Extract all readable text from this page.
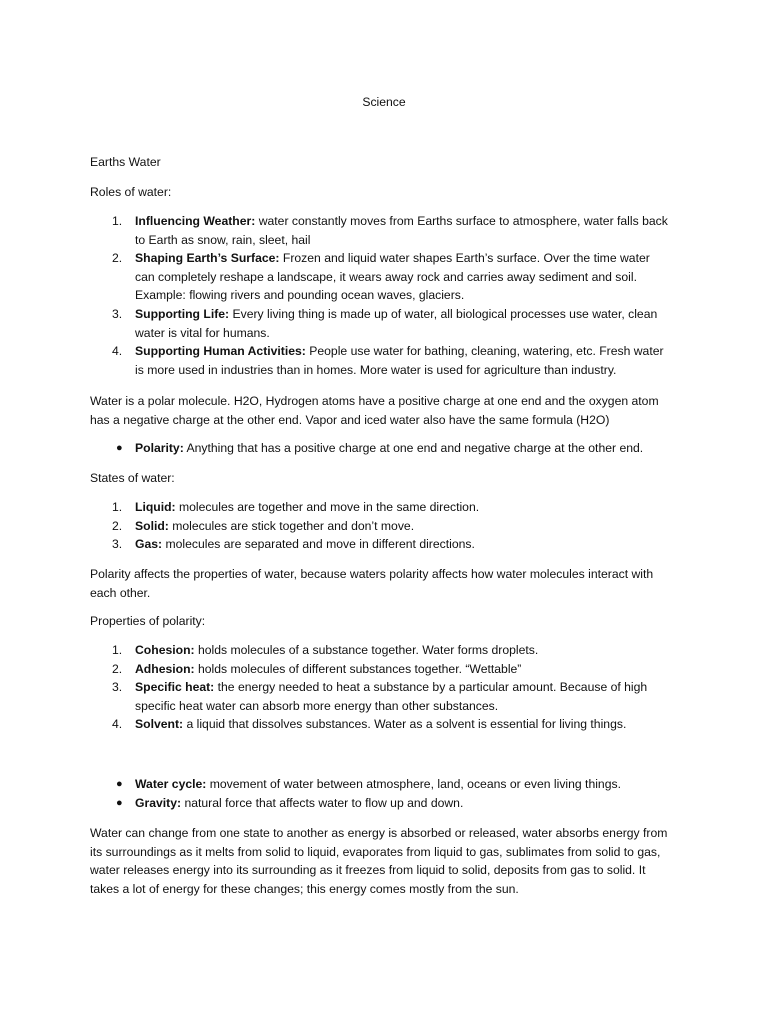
Science
Earths Water
Roles of water:
1. Influencing Weather: water constantly moves from Earths surface to atmosphere, water falls back to Earth as snow, rain, sleet, hail
2. Shaping Earth’s Surface: Frozen and liquid water shapes Earth’s surface. Over the time water can completely reshape a landscape, it wears away rock and carries away sediment and soil. Example: flowing rivers and pounding ocean waves, glaciers.
3. Supporting Life: Every living thing is made up of water, all biological processes use water, clean water is vital for humans.
4. Supporting Human Activities: People use water for bathing, cleaning, watering, etc. Fresh water is more used in industries than in homes. More water is used for agriculture than industry.

Water is a polar molecule. H2O, Hydrogen atoms have a positive charge at one end and the oxygen atom has a negative charge at the other end. Vapor and iced water also have the same formula (H2O)

● Polarity: Anything that has a positive charge at one end and negative charge at the other end.
States of water:
1. Liquid: molecules are together and move in the same direction.
2. Solid: molecules are stick together and don’t move.
3. Gas: molecules are separated and move in different directions.

Polarity affects the properties of water, because waters polarity affects how water molecules interact with each other.

Properties of polarity:
1. Cohesion: holds molecules of a substance together. Water forms droplets.
2. Adhesion: holds molecules of different substances together. “Wettable”
3. Specific heat: the energy needed to heat a substance by a particular amount. Because of high specific heat water can absorb more energy than other substances.
4. Solvent: a liquid that dissolves substances. Water as a solvent is essential for living things.
● Water cycle: movement of water between atmosphere, land, oceans or even living things.
● Gravity: natural force that affects water to flow up and down.

Water can change from one state to another as energy is absorbed or released, water absorbs energy from its surroundings as it melts from solid to liquid, evaporates from liquid to gas, sublimates from solid to gas, water releases energy into its surrounding as it freezes from liquid to solid, deposits from gas to solid. It takes a lot of energy for these changes; this energy comes mostly from the sun.
